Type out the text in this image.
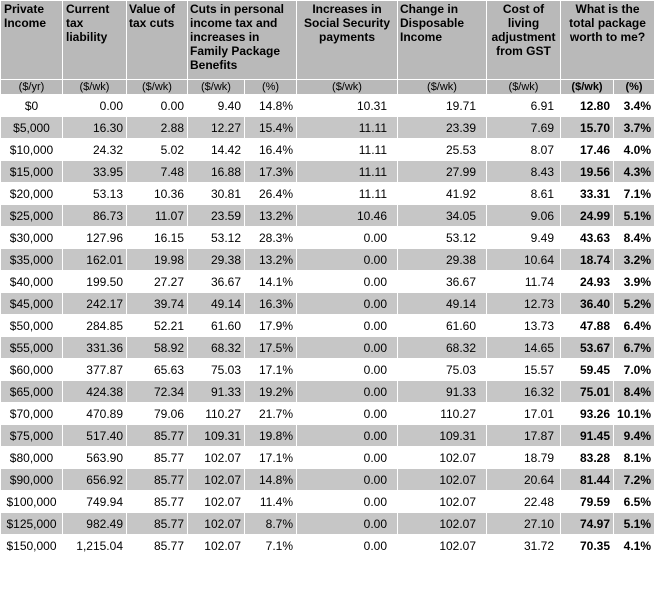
Private Income	Current tax liability	Value of tax cuts	Cuts in personal income tax and increases in Family Package Benefits		Increases in Social Security payments	Change in Disposable Income	Cost of living adjustment from GST	What is the total package worth to me?	
($/yr)	($/wk)	($/wk)	($/wk)	(%)	($/wk)	($/wk)	($/wk)	($/wk)	(%)
$0	0.00	0.00	9.40	14.8%	10.31	19.71	6.91	12.80	3.4%
$5,000	16.30	2.88	12.27	15.4%	11.11	23.39	7.69	15.70	3.7%
$10,000	24.32	5.02	14.42	16.4%	11.11	25.53	8.07	17.46	4.0%
$15,000	33.95	7.48	16.88	17.3%	11.11	27.99	8.43	19.56	4.3%
$20,000	53.13	10.36	30.81	26.4%	11.11	41.92	8.61	33.31	7.1%
$25,000	86.73	11.07	23.59	13.2%	10.46	34.05	9.06	24.99	5.1%
$30,000	127.96	16.15	53.12	28.3%	0.00	53.12	9.49	43.63	8.4%
$35,000	162.01	19.98	29.38	13.2%	0.00	29.38	10.64	18.74	3.2%
$40,000	199.50	27.27	36.67	14.1%	0.00	36.67	11.74	24.93	3.9%
$45,000	242.17	39.74	49.14	16.3%	0.00	49.14	12.73	36.40	5.2%
$50,000	284.85	52.21	61.60	17.9%	0.00	61.60	13.73	47.88	6.4%
$55,000	331.36	58.92	68.32	17.5%	0.00	68.32	14.65	53.67	6.7%
$60,000	377.87	65.63	75.03	17.1%	0.00	75.03	15.57	59.45	7.0%
$65,000	424.38	72.34	91.33	19.2%	0.00	91.33	16.32	75.01	8.4%
$70,000	470.89	79.06	110.27	21.7%	0.00	110.27	17.01	93.26	10.1%
$75,000	517.40	85.77	109.31	19.8%	0.00	109.31	17.87	91.45	9.4%
$80,000	563.90	85.77	102.07	17.1%	0.00	102.07	18.79	83.28	8.1%
$90,000	656.92	85.77	102.07	14.8%	0.00	102.07	20.64	81.44	7.2%
$100,000	749.94	85.77	102.07	11.4%	0.00	102.07	22.48	79.59	6.5%
$125,000	982.49	85.77	102.07	8.7%	0.00	102.07	27.10	74.97	5.1%
$150,000	1,215.04	85.77	102.07	7.1%	0.00	102.07	31.72	70.35	4.1%
